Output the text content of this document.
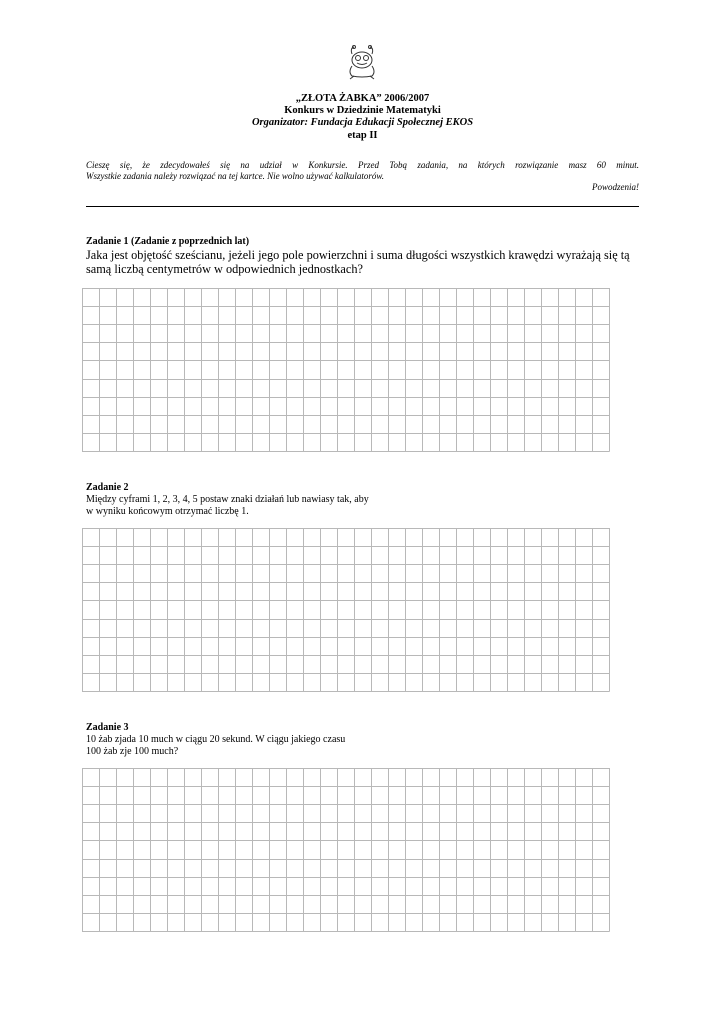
„ZŁOTA ŻABKA” 2006/2007
Konkurs w Dziedzinie Matematyki
Organizator: Fundacja Edukacji Społecznej EKOS
etap II
Cieszę się, że zdecydowałeś się na udział w Konkursie. Przed Tobą zadania, na których rozwiązanie masz 60 minut.
Wszystkie zadania należy rozwiązać na tej kartce. Nie wolno używać kalkulatorów.
Powodzenia!
Zadanie 1 (Zadanie z poprzednich lat)
Jaka jest objętość sześcianu, jeżeli jego pole powierzchni i suma długości wszystkich krawędzi wyrażają się tą
samą liczbą centymetrów w odpowiednich jednostkach?
Zadanie 2
Między cyframi 1, 2, 3, 4, 5 postaw znaki działań lub nawiasy tak, aby
w wyniku końcowym otrzymać liczbę 1.
Zadanie 3
10 żab zjada 10 much w ciągu 20 sekund. W ciągu jakiego czasu
100 żab zje 100 much?
